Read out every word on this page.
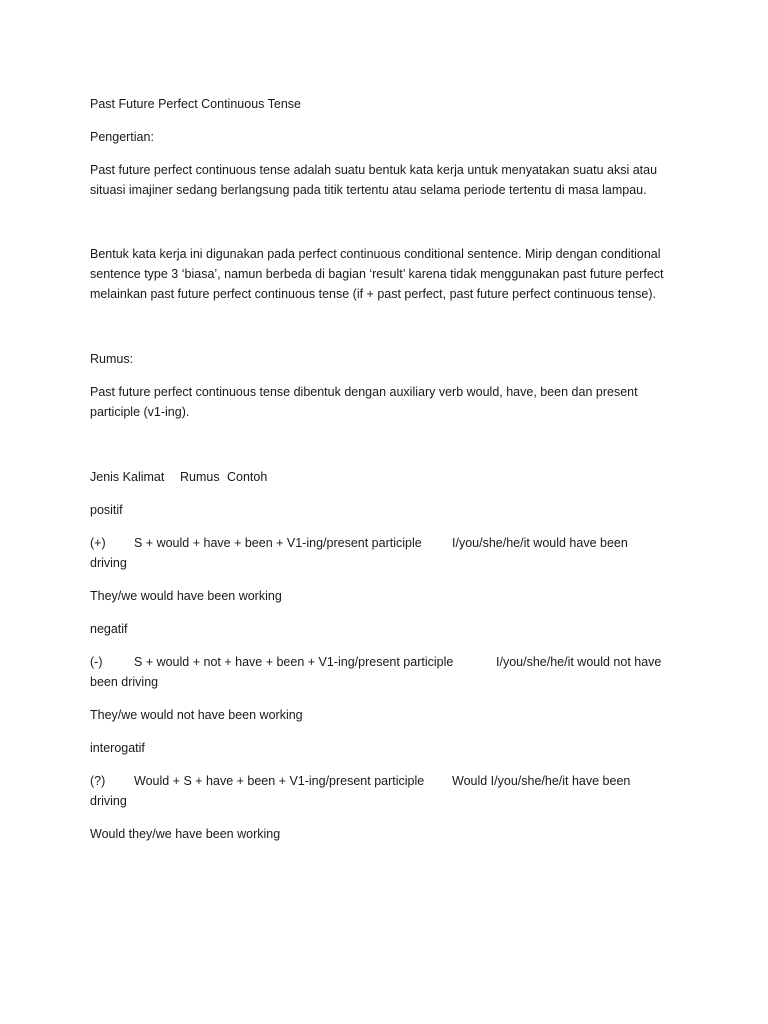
Past Future Perfect Continuous Tense
Pengertian:
Past future perfect continuous tense adalah suatu bentuk kata kerja untuk menyatakan suatu aksi atau situasi imajiner sedang berlangsung pada titik tertentu atau selama periode tertentu di masa lampau.
Bentuk kata kerja ini digunakan pada perfect continuous conditional sentence. Mirip dengan conditional sentence type 3 ‘biasa’, namun berbeda di bagian ‘result’ karena tidak menggunakan past future perfect melainkan past future perfect continuous tense (if + past perfect, past future perfect continuous tense).
Rumus:
Past future perfect continuous tense dibentuk dengan auxiliary verb would, have, been dan present participle (v1-ing).
Jenis Kalimat Rumus Contoh
positif
(+) S + would + have + been + V1-ing/present participle I/you/she/he/it would have been
driving
They/we would have been working
negatif
(-)	S + would + not + have + been + V1-ing/present participle	I/you/she/he/it would not have
been driving
They/we would not have been working
interogatif
(?) Would + S + have + been + V1-ing/present participle Would I/you/she/he/it have been
driving
Would they/we have been working
